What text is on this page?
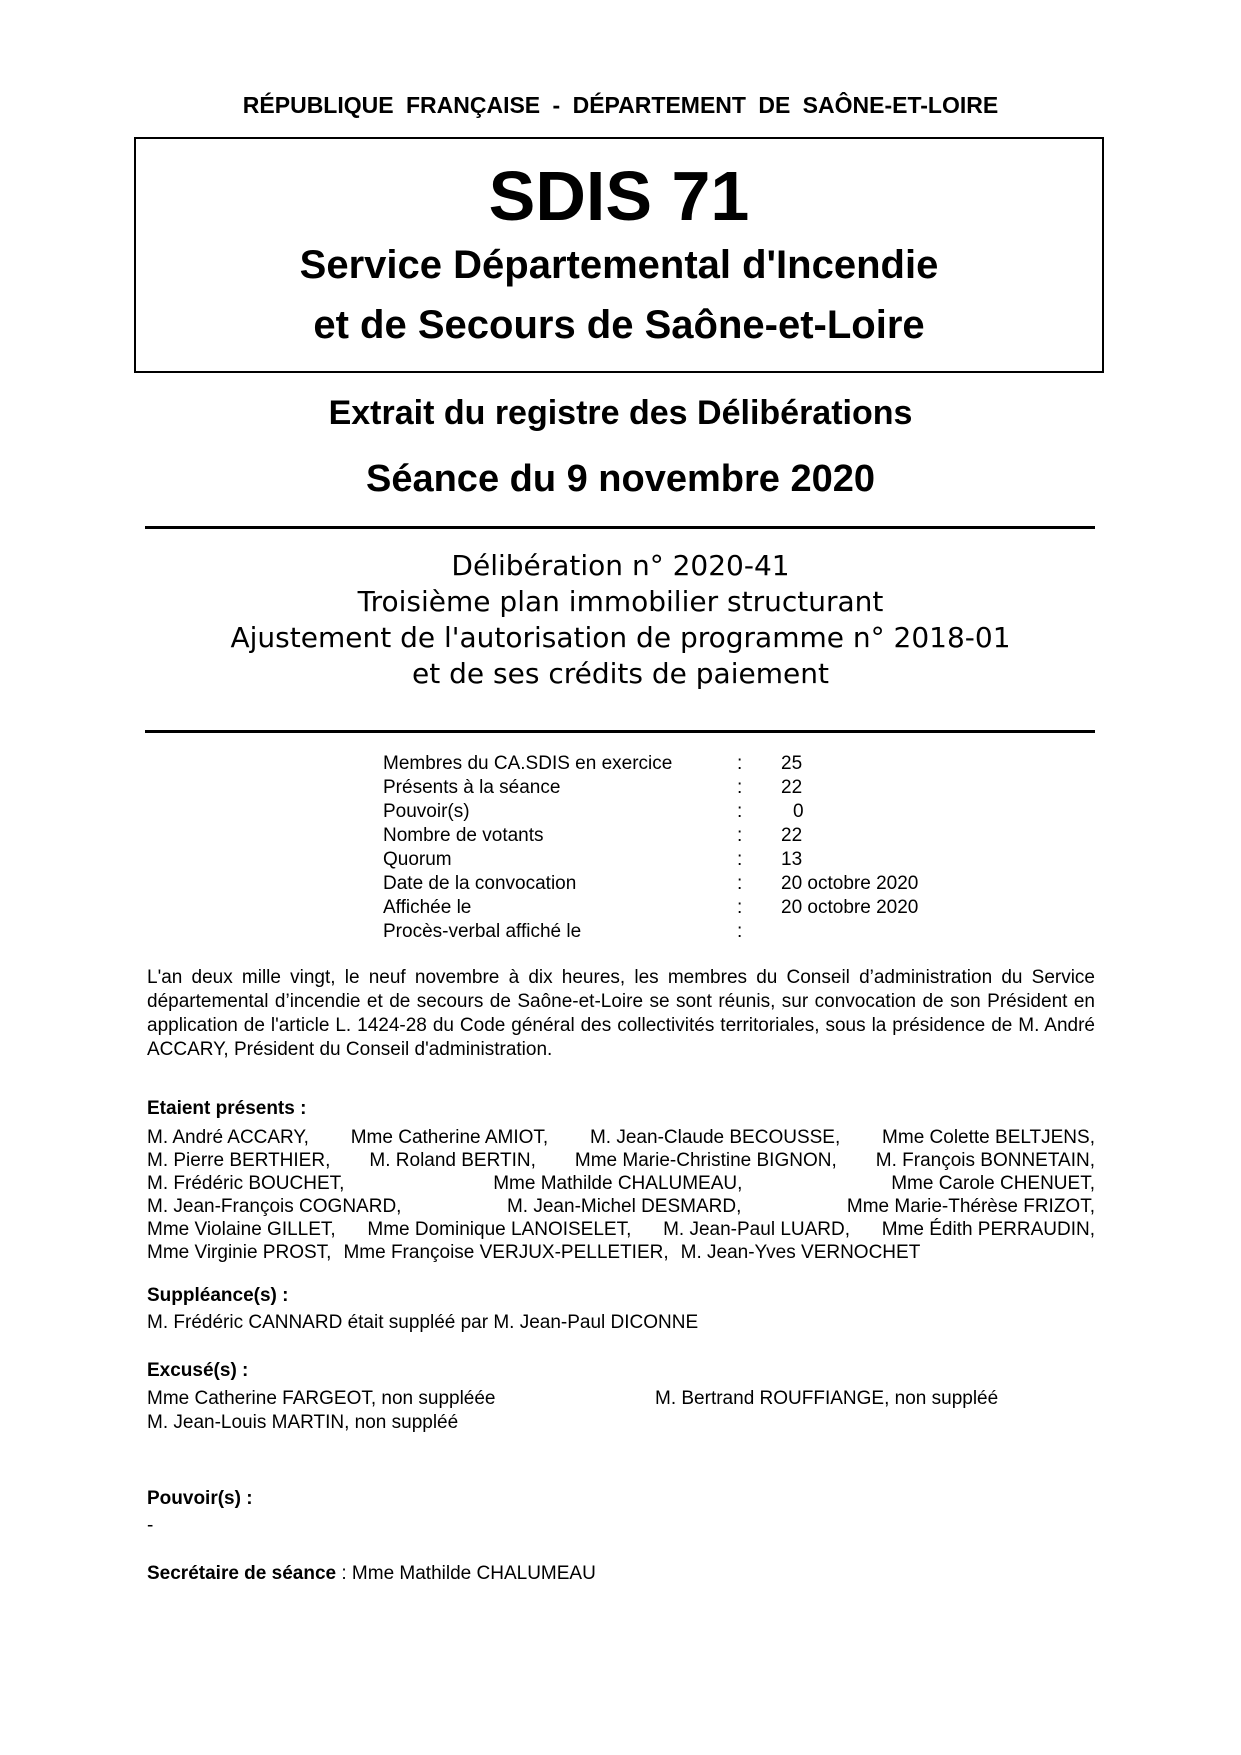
RÉPUBLIQUE FRANÇAISE - DÉPARTEMENT DE SAÔNE-ET-LOIRE
SDIS 71
Service Départemental d'Incendie
et de Secours de Saône-et-Loire
Extrait du registre des Délibérations
Séance du 9 novembre 2020
Délibération n° 2020-41
Troisième plan immobilier structurant
Ajustement de l'autorisation de programme n° 2018-01
et de ses crédits de paiement
Membres du CA.SDIS en exercice	: 25
Présents à la séance	: 22
Pouvoir(s)	:	0
Nombre de votants	: 22
Quorum	: 13
Date de la convocation	: 20 octobre 2020
Affichée le	: 20 octobre 2020
Procès-verbal affiché le	:
L'an deux mille vingt, le neuf novembre à dix heures, les membres du Conseil d’administration du Service départemental d’incendie et de secours de Saône-et-Loire se sont réunis, sur convocation de son Président en application de l'article L. 1424-28 du Code général des collectivités territoriales, sous la présidence de M. André ACCARY, Président du Conseil d'administration.
Etaient présents :
M. André ACCARY, Mme Catherine AMIOT, M. Jean-Claude BECOUSSE, Mme Colette BELTJENS,
M. Pierre BERTHIER, M. Roland BERTIN, Mme Marie-Christine BIGNON, M. François BONNETAIN,
M. Frédéric BOUCHET,	Mme Mathilde CHALUMEAU,	Mme Carole CHENUET,
M. Jean-François COGNARD,	M. Jean-Michel DESMARD,	Mme Marie-Thérèse FRIZOT,
Mme Violaine GILLET, Mme Dominique LANOISELET, M. Jean-Paul LUARD, Mme Édith PERRAUDIN,
Mme Virginie PROST, Mme Françoise VERJUX-PELLETIER, M. Jean-Yves VERNOCHET
Suppléance(s) :
M. Frédéric CANNARD était suppléé par M. Jean-Paul DICONNE
Excusé(s) :
Mme Catherine FARGEOT, non suppléée	M. Bertrand ROUFFIANGE, non suppléé
M. Jean-Louis MARTIN, non suppléé
Pouvoir(s) :
-
Secrétaire de séance : Mme Mathilde CHALUMEAU
